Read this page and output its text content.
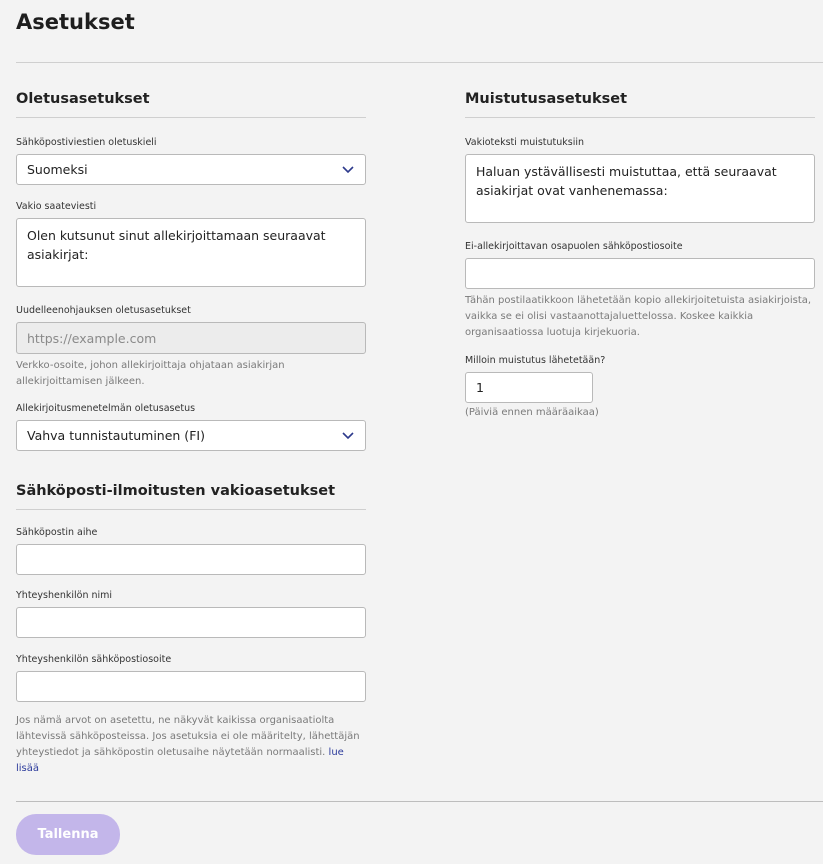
Asetukset
Oletusasetukset
Sähköpostiviestien oletuskieli
Suomeksi
Vakio saateviesti
Olen kutsunut sinut allekirjoittamaan seuraavat asiakirjat:
Uudelleenohjauksen oletusasetukset
https://example.com

Verkko-osoite, johon allekirjoittaja ohjataan asiakirjan allekirjoittamisen jälkeen.

Allekirjoitusmenetelmän oletusasetus
Vahva tunnistautuminen (FI)
Sähköposti-ilmoitusten vakioasetukset
Sähköpostin aihe
Yhteyshenkilön nimi
Yhteyshenkilön sähköpostiosoite

Jos nämä arvot on asetettu, ne näkyvät kaikissa organisaatiolta lähtevissä sähköposteissa. Jos asetuksia ei ole määritelty, lähettäjän yhteystiedot ja sähköpostin oletusaihe näytetään normaalisti. lue lisää

Muistutusasetukset
Vakioteksti muistutuksiin
Haluan ystävällisesti muistuttaa, että seuraavat asiakirjat ovat vanhenemassa:
Ei-allekirjoittavan osapuolen sähköpostiosoite

Tähän postilaatikkoon lähetetään kopio allekirjoitetuista asiakirjoista, vaikka se ei olisi vastaanottajaluettelossa. Koskee kaikkia organisaatiossa luotuja kirjekuoria.

Milloin muistutus lähetetään?
1

(Päiviä ennen määräaikaa)

Tallenna
